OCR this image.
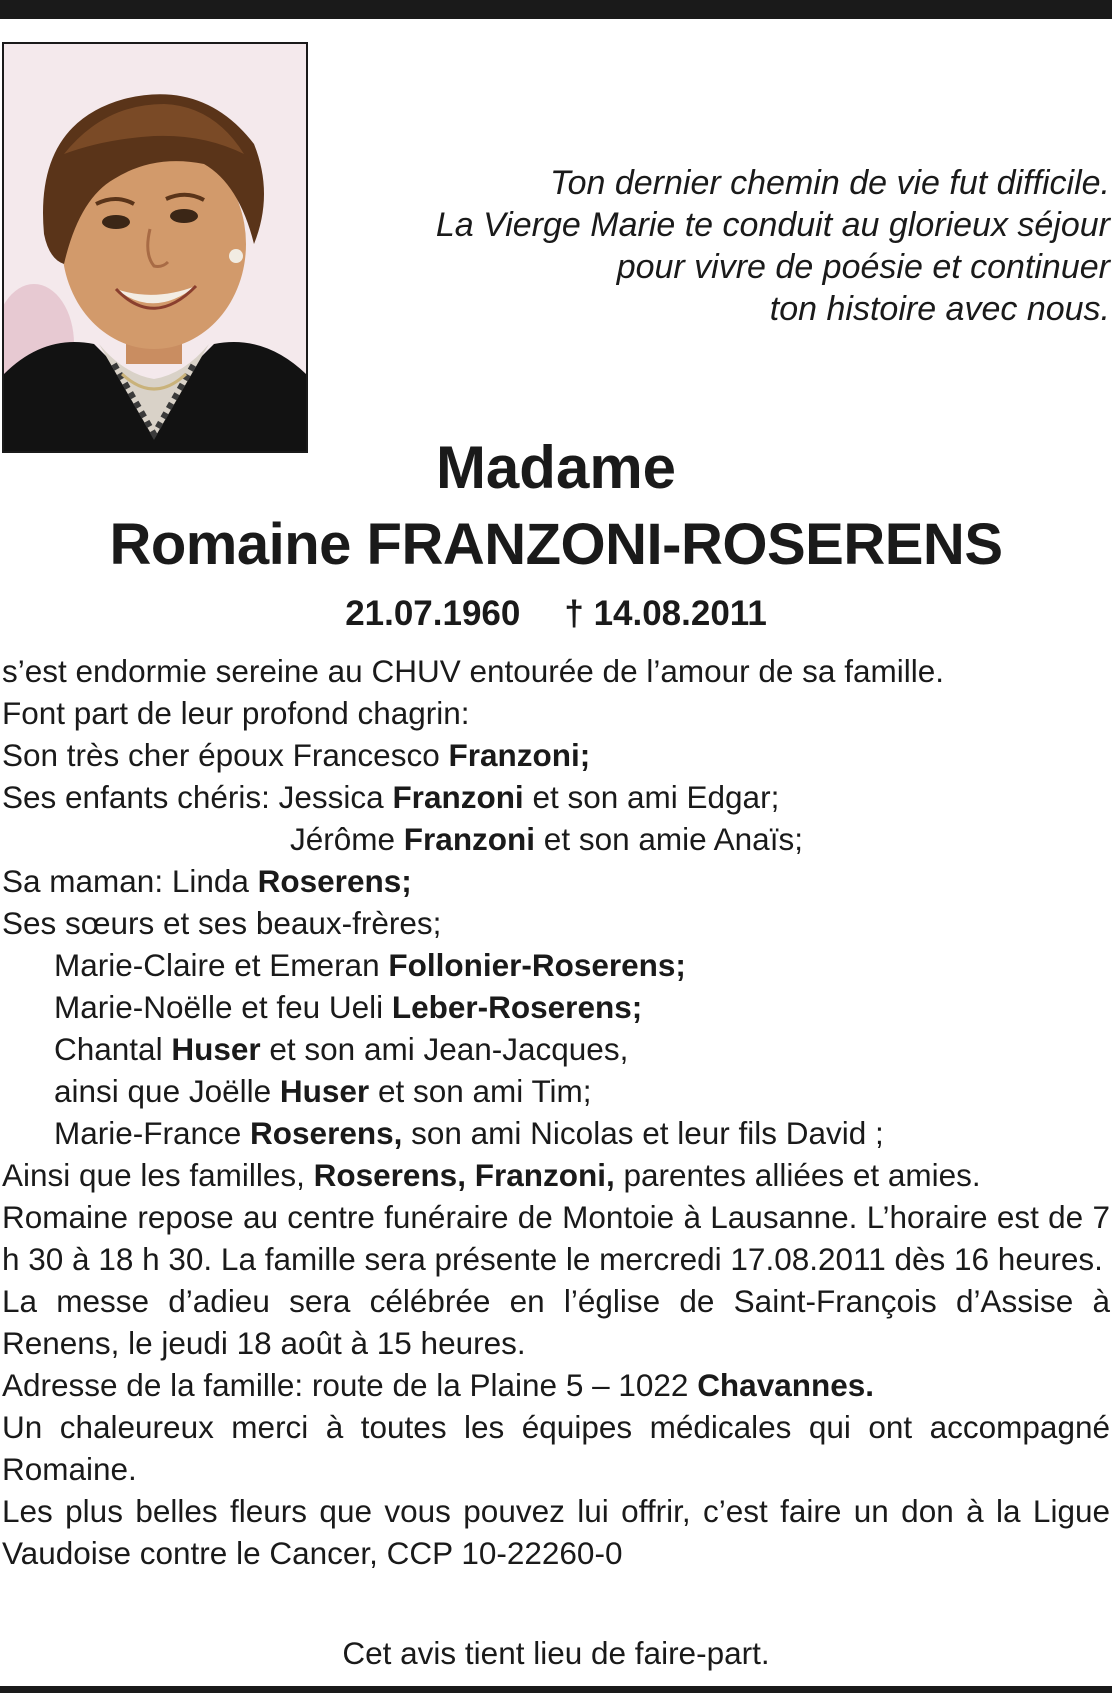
Ton dernier chemin de vie fut difficile.
La Vierge Marie te conduit au glorieux séjour
pour vivre de poésie et continuer
ton histoire avec nous.
Madame
Romaine FRANZONI-ROSERENS
21.07.1960 † 14.08.2011
s’est endormie sereine au CHUV entourée de l’amour de sa famille.
Font part de leur profond chagrin:
Son très cher époux Francesco Franzoni;
Ses enfants chéris: Jessica Franzoni et son ami Edgar;
Jérôme Franzoni et son amie Anaïs;
Sa maman: Linda Roserens;
Ses sœurs et ses beaux-frères;
Marie-Claire et Emeran Follonier-Roserens;
Marie-Noëlle et feu Ueli Leber-Roserens;
Chantal Huser et son ami Jean-Jacques,
ainsi que Joëlle Huser et son ami Tim;
Marie-France Roserens, son ami Nicolas et leur fils David ;
Ainsi que les familles, Roserens, Franzoni, parentes alliées et amies.
Romaine repose au centre funéraire de Montoie à Lausanne. L’horaire est de 7 h 30 à 18 h 30. La famille sera présente le mercredi 17.08.2011 dès 16 heures.
La messe d’adieu sera célébrée en l’église de Saint-François d’Assise à Renens, le jeudi 18 août à 15 heures.
Adresse de la famille: route de la Plaine 5 – 1022 Chavannes.
Un chaleureux merci à toutes les équipes médicales qui ont accompagné Romaine.
Les plus belles fleurs que vous pouvez lui offrir, c’est faire un don à la Ligue Vaudoise contre le Cancer, CCP 10-22260-0
Cet avis tient lieu de faire-part.
